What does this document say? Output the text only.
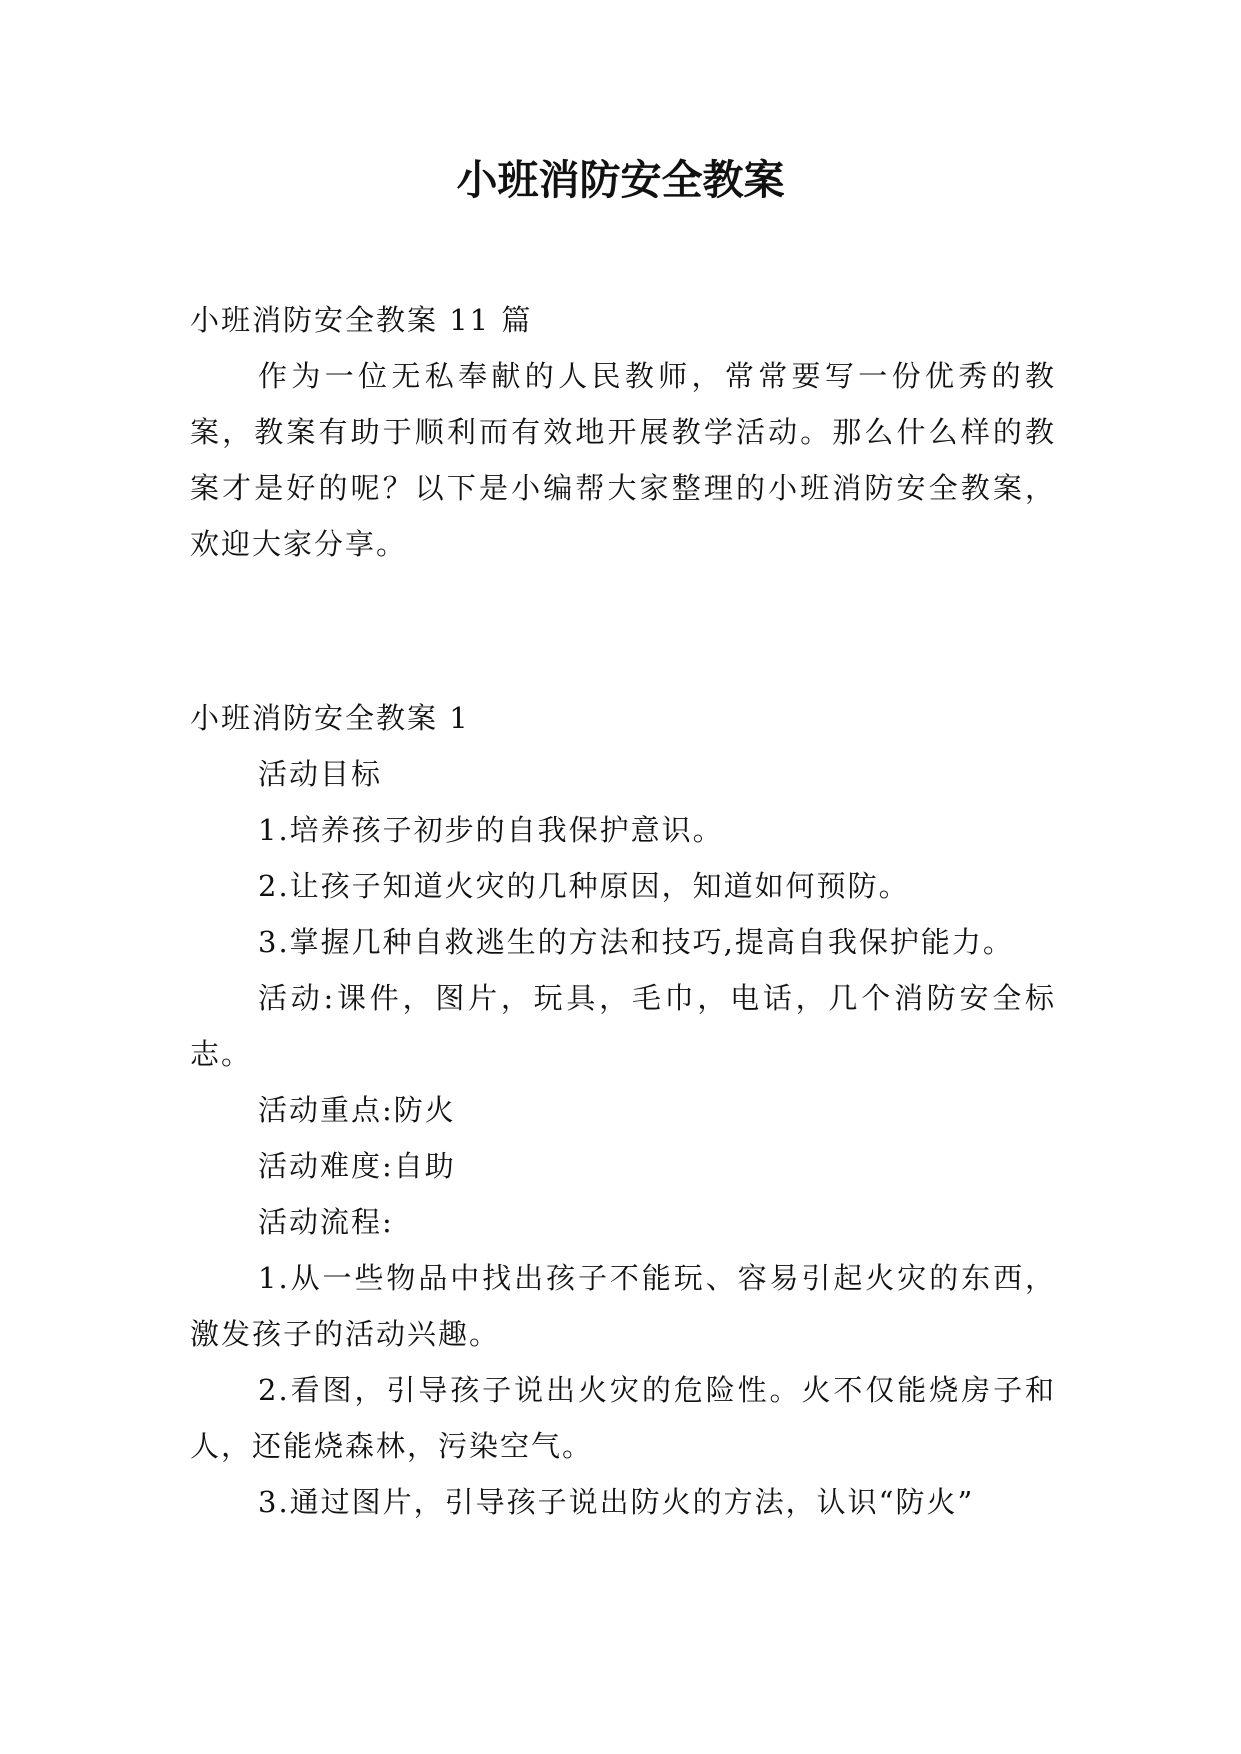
小班消防安全教案

小班消防安全教案 11 篇

作为一位无私奉献的人民教师，常常要写一份优秀的教案，教案有助于顺利而有效地开展教学活动。那么什么样的教案才是好的呢？以下是小编帮大家整理的小班消防安全教案，欢迎大家分享。

小班消防安全教案 1

活动目标

1.培养孩子初步的自我保护意识。

2.让孩子知道火灾的几种原因，知道如何预防。

3.掌握几种自救逃生的方法和技巧,提高自我保护能力。

活动:课件，图片，玩具，毛巾，电话，几个消防安全标志。

活动重点:防火

活动难度:自助

活动流程:

1.从一些物品中找出孩子不能玩、容易引起火灾的东西，激发孩子的活动兴趣。

2.看图，引导孩子说出火灾的危险性。火不仅能烧房子和人，还能烧森林，污染空气。

3.通过图片，引导孩子说出防火的方法，认识“防火”
